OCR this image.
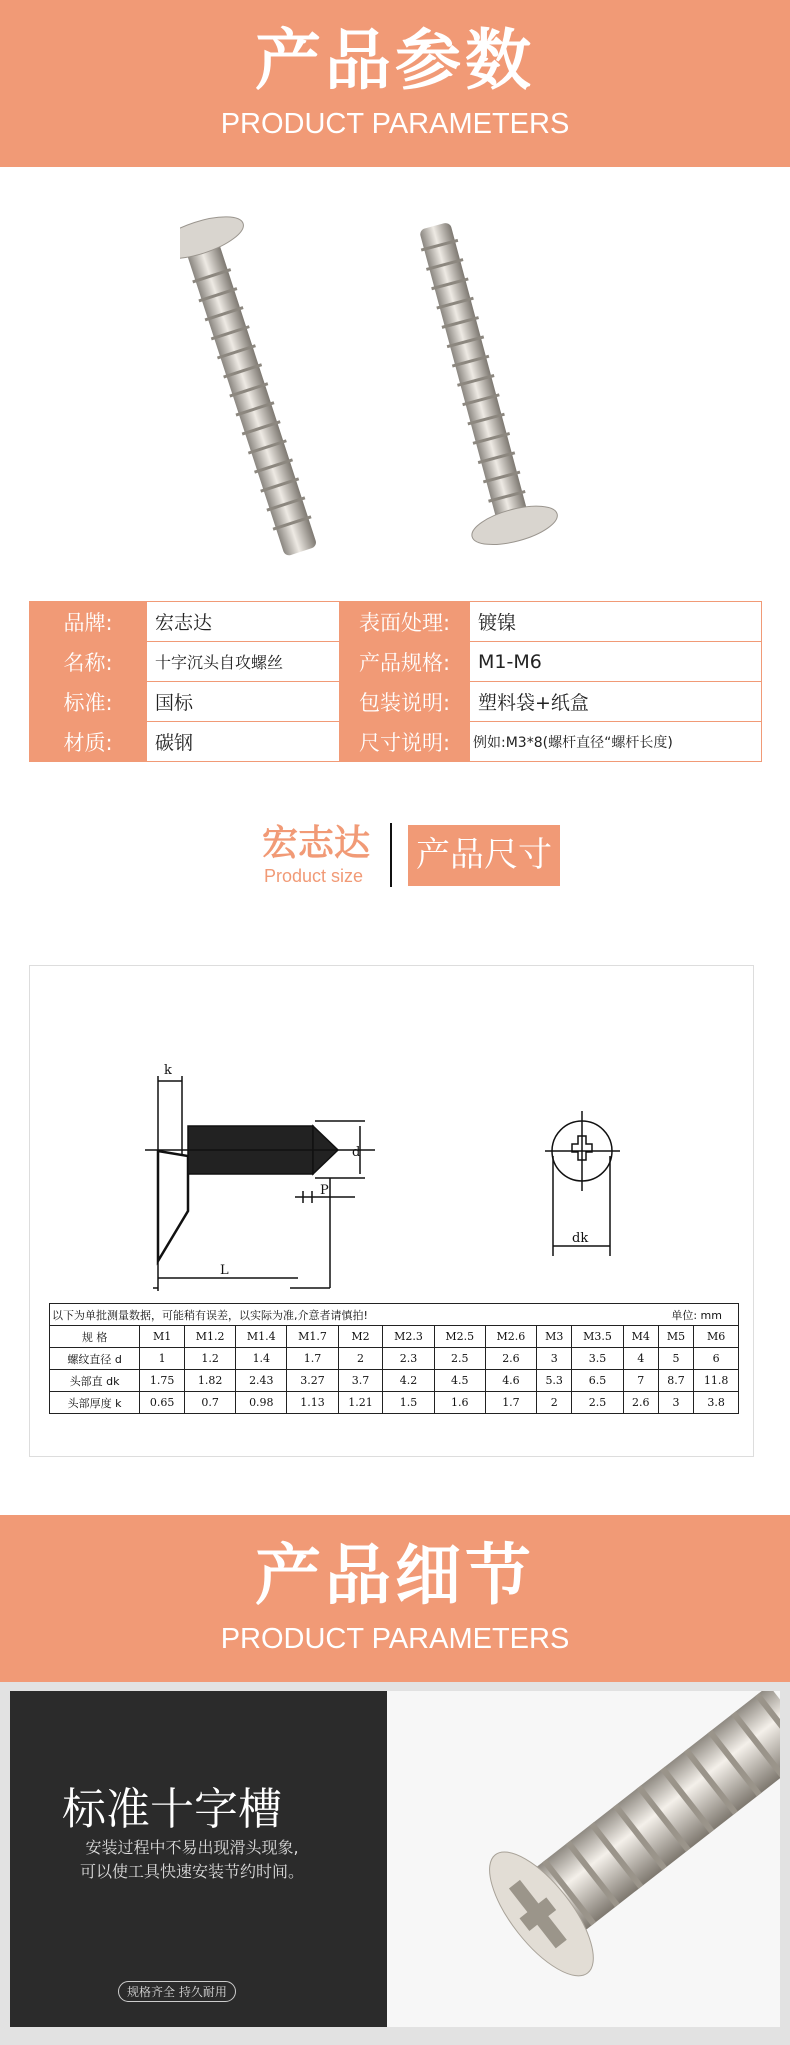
产品参数
PRODUCT PARAMETERS
品牌:	宏志达	表面处理:	镀镍
名称:	十字沉头自攻螺丝	产品规格:	M1-M6
标准:	国标	包装说明:	塑料袋+纸盒
材质:	碳钢	尺寸说明:	例如:M3*8(螺杆直径“螺杆长度)
宏志达
Product size
产品尺寸
k
d
P
L
dk
以下为单批测量数据，可能稍有误差，以实际为准,介意者请慎拍! 单位: mm													

规 格	M1	M1.2	M1.4	M1.7	M2	M2.3	M2.5	M2.6	M3	M3.5	M4	M5	M6
螺纹直径 d	1	1.2	1.4	1.7	2	2.3	2.5	2.6	3	3.5	4	5	6
头部直 dk	1.75	1.82	2.43	3.27	3.7	4.2	4.5	4.6	5.3	6.5	7	8.7	11.8
头部厚度 k	0.65	0.7	0.98	1.13	1.21	1.5	1.6	1.7	2	2.5	2.6	3	3.8
产品细节
PRODUCT PARAMETERS
标准十字槽
安装过程中不易出现滑头现象,
可以使工具快速安装节约时间。
规格齐全 持久耐用
